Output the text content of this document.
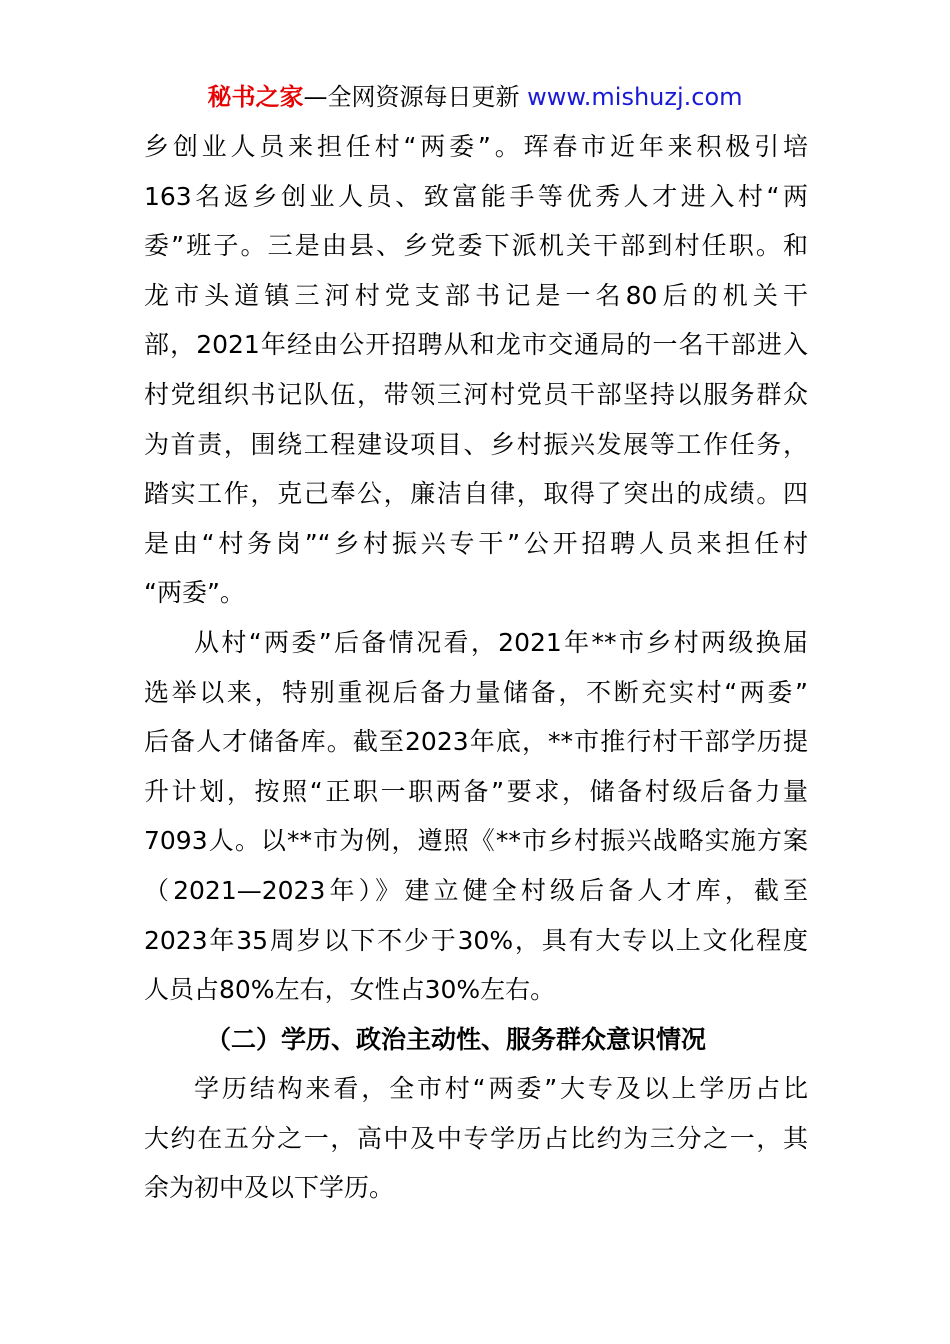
秘书之家—全网资源每日更新 www.mishuzj.com
乡创业人员来担任村“两委”。珲春市近年来积极引培
163名返乡创业人员、致富能手等优秀人才进入村“两
委”班子。三是由县、乡党委下派机关干部到村任职。和
龙市头道镇三河村党支部书记是一名80后的机关干
部，2021年经由公开招聘从和龙市交通局的一名干部进入
村党组织书记队伍，带领三河村党员干部坚持以服务群众
为首责，围绕工程建设项目、乡村振兴发展等工作任务，
踏实工作，克己奉公，廉洁自律，取得了突出的成绩。四
是由“村务岗”“乡村振兴专干”公开招聘人员来担任村
“两委”。
从村“两委”后备情况看，2021年**市乡村两级换届
选举以来，特别重视后备力量储备，不断充实村“两委”
后备人才储备库。截至2023年底，**市推行村干部学历提
升计划，按照“正职一职两备”要求，储备村级后备力量
7093人。以**市为例，遵照《**市乡村振兴战略实施方案
（2021—2023年）》建立健全村级后备人才库，截至
2023年35周岁以下不少于30%，具有大专以上文化程度
人员占80%左右，女性占30%左右。
（二）学历、政治主动性、服务群众意识情况
学历结构来看，全市村“两委”大专及以上学历占比
大约在五分之一，高中及中专学历占比约为三分之一，其
余为初中及以下学历。
